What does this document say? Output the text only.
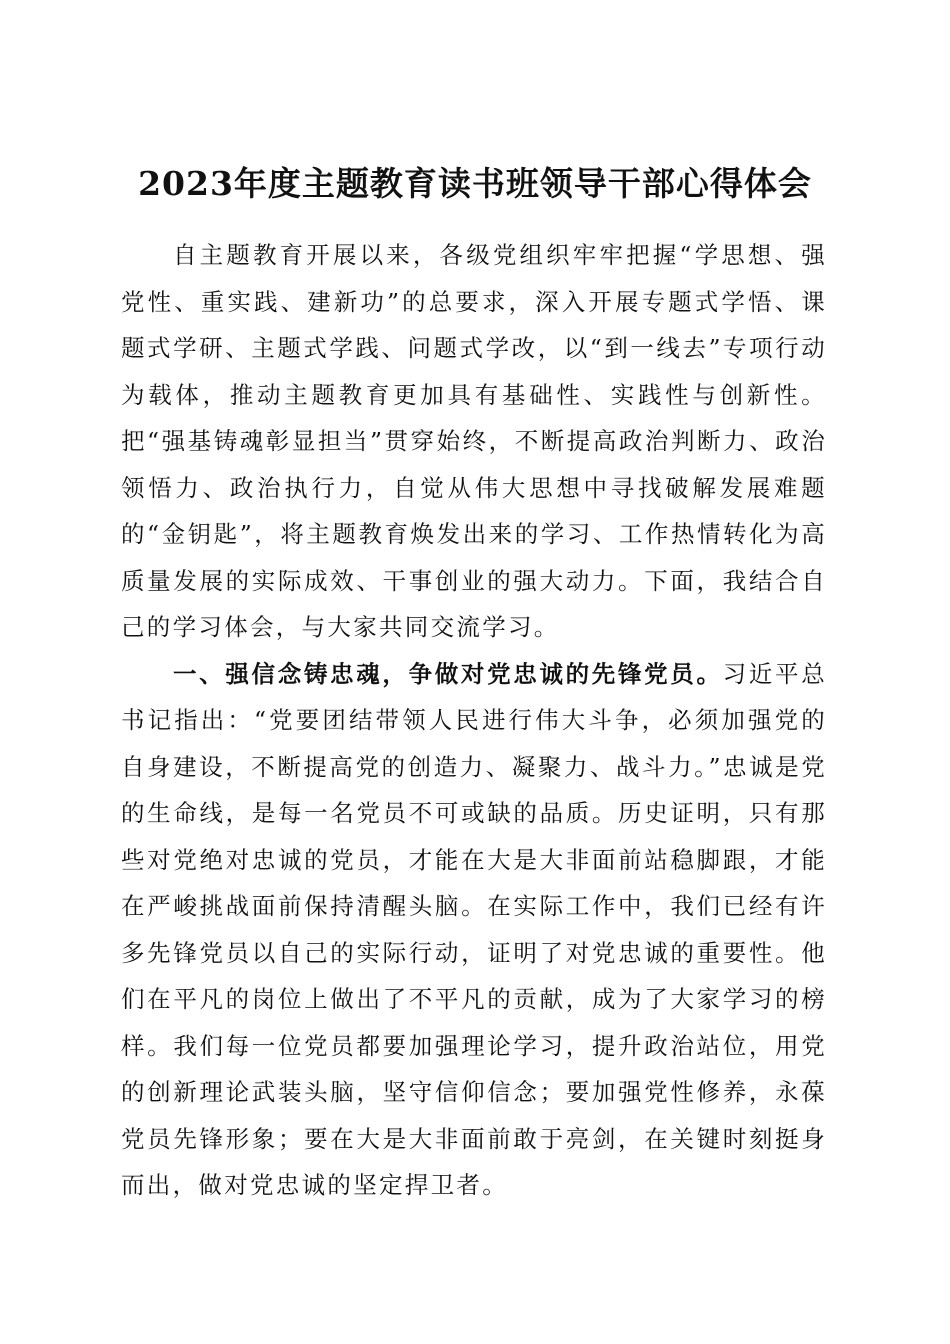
2023年度主题教育读书班领导干部心得体会

自主题教育开展以来，各级党组织牢牢把握“学思想、强党性、重实践、建新功”的总要求，深入开展专题式学悟、课题式学研、主题式学践、问题式学改，以“到一线去”专项行动为载体，推动主题教育更加具有基础性、实践性与创新性。把“强基铸魂彰显担当”贯穿始终，不断提高政治判断力、政治领悟力、政治执行力，自觉从伟大思想中寻找破解发展难题的“金钥匙”，将主题教育焕发出来的学习、工作热情转化为高质量发展的实际成效、干事创业的强大动力。下面，我结合自己的学习体会，与大家共同交流学习。

一、强信念铸忠魂，争做对党忠诚的先锋党员。习近平总书记指出：“党要团结带领人民进行伟大斗争，必须加强党的自身建设，不断提高党的创造力、凝聚力、战斗力。”忠诚是党的生命线，是每一名党员不可或缺的品质。历史证明，只有那些对党绝对忠诚的党员，才能在大是大非面前站稳脚跟，才能在严峻挑战面前保持清醒头脑。在实际工作中，我们已经有许多先锋党员以自己的实际行动，证明了对党忠诚的重要性。他们在平凡的岗位上做出了不平凡的贡献，成为了大家学习的榜样。我们每一位党员都要加强理论学习，提升政治站位，用党的创新理论武装头脑，坚守信仰信念；要加强党性修养，永葆党员先锋形象；要在大是大非面前敢于亮剑，在关键时刻挺身而出，做对党忠诚的坚定捍卫者。
